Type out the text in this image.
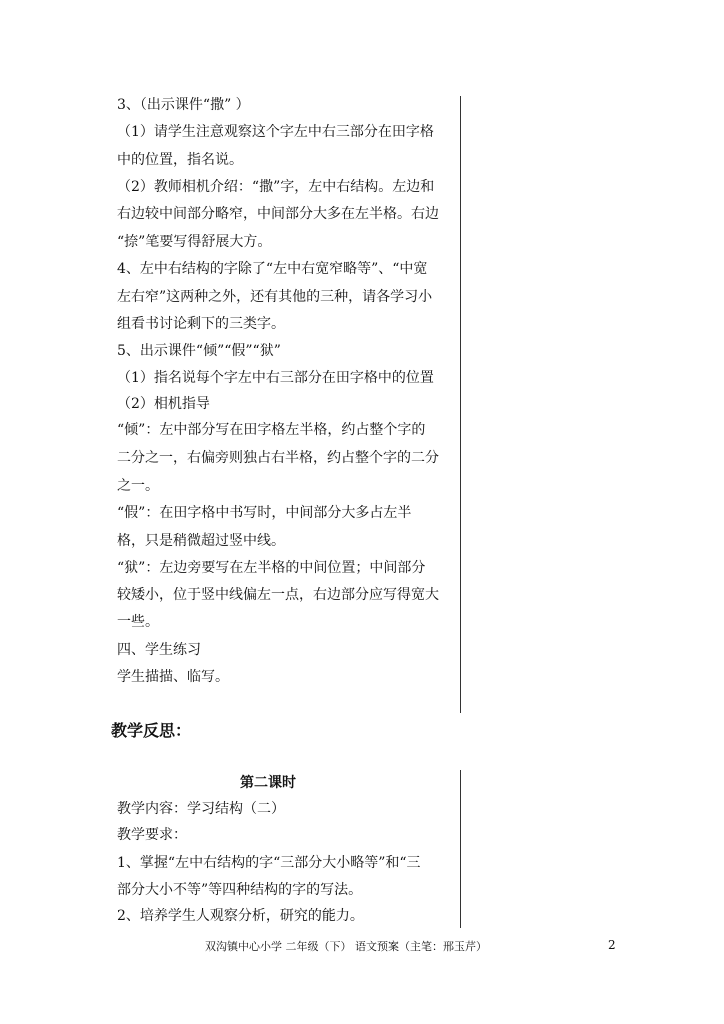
3、（出示课件“撒” ）
（1）请学生注意观察这个字左中右三部分在田字格
中的位置，指名说。
（2）教师相机介绍：“撒”字，左中右结构。左边和
右边较中间部分略窄，中间部分大多在左半格。右边
“捺”笔要写得舒展大方。
4、左中右结构的字除了“左中右宽窄略等”、“中宽
左右窄”这两种之外，还有其他的三种，请各学习小
组看书讨论剩下的三类字。
5、出示课件“倾”“假”“狱”
（1）指名说每个字左中右三部分在田字格中的位置
（2）相机指导
“倾”：左中部分写在田字格左半格，约占整个字的
二分之一，右偏旁则独占右半格，约占整个字的二分
之一。
“假”：在田字格中书写时，中间部分大多占左半
格，只是稍微超过竖中线。
“狱”：左边旁要写在左半格的中间位置；中间部分
较矮小，位于竖中线偏左一点，右边部分应写得宽大
一些。
四、学生练习
学生描描、临写。
教学反思：
第二课时
教学内容：学习结构（二）
教学要求：
1、掌握“左中右结构的字“三部分大小略等”和“三
部分大小不等”等四种结构的字的写法。
2、培养学生人观察分析，研究的能力。
双沟镇中心小学 二年级（下） 语文预案（主笔：邢玉芹）	2
